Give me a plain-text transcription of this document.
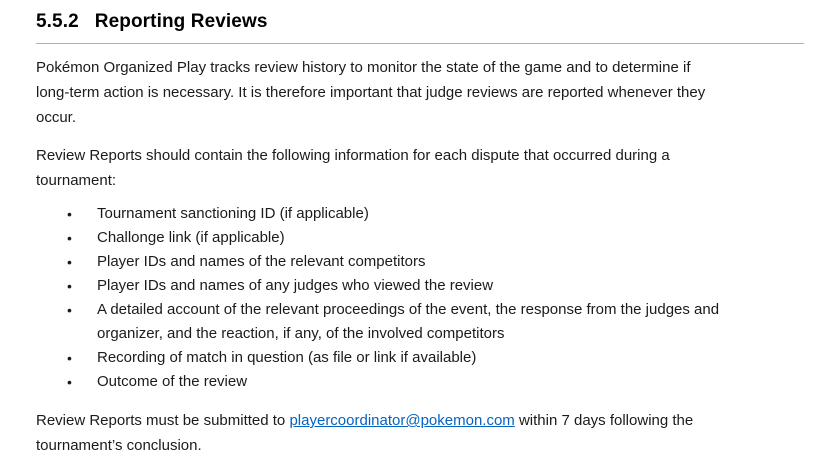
5.5.2 Reporting Reviews

Pokémon Organized Play tracks review history to monitor the state of the game and to determine if
long-term action is necessary. It is therefore important that judge reviews are reported whenever they
occur.

Review Reports should contain the following information for each dispute that occurred during a
tournament:

•	Tournament sanctioning ID (if applicable)
•	Challonge link (if applicable)
•	Player IDs and names of the relevant competitors
•	Player IDs and names of any judges who viewed the review
•	A detailed account of the relevant proceedings of the event, the response from the judges and
organizer, and the reaction, if any, of the involved competitors
•	Recording of match in question (as file or link if available)
•	Outcome of the review

Review Reports must be submitted to playercoordinator@pokemon.com within 7 days following the
tournament’s conclusion.
